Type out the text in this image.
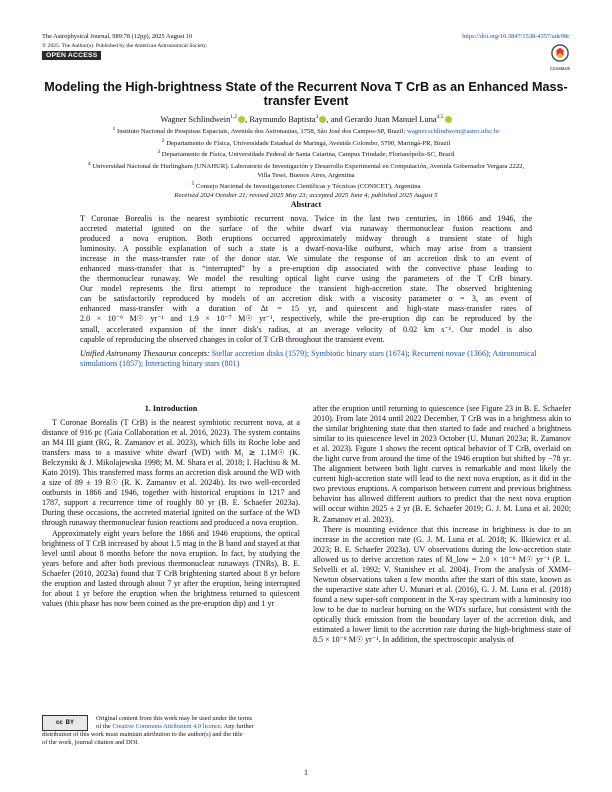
The Astrophysical Journal, 989:78 (12pp), 2025 August 10	https://doi.org/10.3847/1538-4357/ade98c
© 2025. The Author(s). Published by the American Astronomical Society.
OPEN ACCESS
CrossMark
Modeling the High-brightness State of the Recurrent Nova T CrB as an Enhanced Mass-
transfer Event
Wagner Schlindwein$^{1,2}$ , Raymundo Baptista$^3$ , and Gerardo Juan Manuel Luna$^{4,5}$
$^1$ Instituto Nacional de Pesquisas Espaciais, Avenida dos Astronautas, 1758, São José dos Campos-SP, Brazil; wagner.schlindwein@astro.ufsc.br
$^2$ Departamento de Física, Universidade Estadual de Maringá, Avenida Colombo, 5790, Maringá-PR, Brazil
$^3$ Departamento de Física, Universidade Federal de Santa Catarina, Campus Trindade, Florianópolis-SC, Brazil
$^4$ Universidad Nacional de Hurlingham (UNAHUR). Laboratorio de Investigación y Desarrollo Experimental en Computación, Avenida Gobernador Vergara 2222,
Villa Tesei, Buenos Aires, Argentina
$^5$ Consejo Nacional de Investigaciones Científicas y Técnicas (CONICET), Argentina
Received 2024 October 21; revised 2025 May 23; accepted 2025 June 4; published 2025 August 5
Abstract
T Coronae Borealis is the nearest symbiotic recurrent nova. Twice in the last two centuries, in 1866 and 1946, the
accreted material ignited on the surface of the white dwarf via runaway thermonuclear fusion reactions and
produced a nova eruption. Both eruptions occurred approximately midway through a transient state of high
luminosity. A possible explanation of such a state is a dwarf-nova-like outburst, which may arise from a transient
increase in the mass-transfer rate of the donor star. We simulate the response of an accretion disk to an event of
enhanced mass-transfer that is “interrupted” by a pre-eruption dip associated with the convective phase leading to
the thermonuclear runaway. We model the resulting optical light curve using the parameters of the T CrB binary.
Our model represents the first attempt to reproduce the transient high-accretion state. The observed brightening
can be satisfactorily reproduced by models of an accretion disk with a viscosity parameter α = 3, an event of
enhanced mass-transfer with a duration of Δt = 15 yr, and quiescent and high-state mass-transfer rates of
2.0 × 10⁻⁹ M☉ yr⁻¹ and 1.9 × 10⁻⁷ M☉ yr⁻¹, respectively, while the pre-eruption dip can be reproduced by the
small, accelerated expansion of the inner disk's radius, at an average velocity of 0.02 km s⁻¹. Our model is also
capable of reproducing the observed changes in color of T CrB throughout the transient event.
Unified Astronomy Thesaurus concepts: Stellar accretion disks (1579); Symbiotic binary stars (1674); Recurrent novae (1366); Astronomical simulations (1857); Interacting binary stars (801)
1. Introduction

T Coronae Borealis (T CrB) is the nearest symbiotic recurrent nova, at a distance of 916 pc (Gaia Collaboration et al. 2016, 2023). The system contains an M4 III giant (RG, R. Zamanov et al. 2023), which fills its Roche lobe and transfers mass to a massive white dwarf (WD) with M₁ ≳ 1.1M☉ (K. Belczynski & J. Mikolajewska 1998; M. M. Shara et al. 2018; I. Hachisu & M. Kato 2019). This transferred mass forms an accretion disk around the WD with a size of 89 ± 19 R☉ (R. K. Zamanov et al. 2024b). Its two well-recorded outbursts in 1866 and 1946, together with historical eruptions in 1217 and 1787, support a recurrence time of roughly 80 yr (B. E. Schaefer 2023a). During these occasions, the accreted material ignited on the surface of the WD through runaway thermonuclear fusion reactions and produced a nova eruption.

Approximately eight years before the 1866 and 1946 eruptions, the optical brightness of T CrB increased by about 1.5 mag in the B band and stayed at that level until about 8 months before the nova eruption. In fact, by studying the years before and after both previous thermonuclear runaways (TNRs), B. E. Schaefer (2010, 2023a) found that T CrB brightening started about 8 yr before the eruption and lasted through about 7 yr after the eruption, being interrupted for about 1 yr before the eruption when the brightness returned to quiescent values (this phase has now been coined as the pre-eruption dip) and 1 yr

after the eruption until returning to quiescence (see Figure 23 in B. E. Schaefer 2010). From late 2014 until 2022 December, T CrB was in a brightness akin to the similar brightening state that then started to fade and reached a brightness similar to its quiescence level in 2023 October (U. Munari 2023a; R. Zamanov et al. 2023). Figure 1 shows the recent optical behavior of T CrB, overlaid on the light curve from around the time of the 1946 eruption but shifted by −78 yr. The alignment between both light curves is remarkable and most likely the current high-accretion state will lead to the next nova eruption, as it did in the two previous eruptions. A comparison between current and previous brightness behavior has allowed different authors to predict that the next nova eruption will occur within 2025 ± 2 yr (B. E. Schaefer 2019; G. J. M. Luna et al. 2020; R. Zamanov et al. 2023).

There is mounting evidence that this increase in brightness is due to an increase in the accretion rate (G. J. M. Luna et al. 2018; K. Ilkiewicz et al. 2023; B. E. Schaefer 2023a). UV observations during the low-accretion state allowed us to derive accretion rates of Ṁ_low = 2.0 × 10⁻⁹ M☉ yr⁻¹ (P. L. Selvelli et al. 1992; V. Stanishev et al. 2004). From the analysis of XMM-Newton observations taken a few months after the start of this state, known as the superactive state after U. Munari et al. (2016), G. J. M. Luna et al. (2018) found a new super-soft component in the X-ray spectrum with a luminosity too low to be due to nuclear burning on the WD's surface, but consistent with the optically thick emission from the boundary layer of the accretion disk, and estimated a lower limit to the accretion rate during the high-brightness state of 8.5 × 10⁻⁸ M☉ yr⁻¹. In addition, the spectroscopic analysis of

cc BY
Original content from this work may be used under the terms
of the Creative Commons Attribution 4.0 licence. Any further
distribution of this work must maintain attribution to the author(s) and the title
of the work, journal citation and DOI.
1
